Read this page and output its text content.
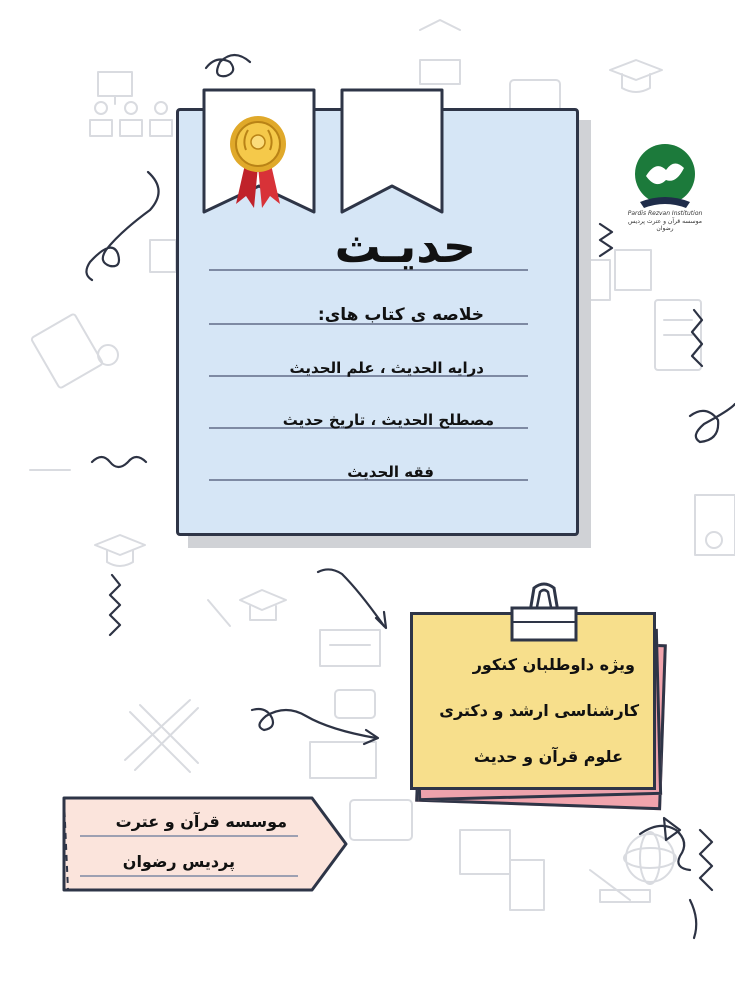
حدیـث
خلاصه ی کتاب های:
درایه الحدیث ، علم الحدیث
مصطلح الحدیث ، تاریخ حدیث
فقه الحدیث
Pardis Rezvan Institution
موسسه قرآن و عترت پردیس رضوان
ویژه داوطلبان کنکور
کارشناسی ارشد و دکتری
علوم قرآن و حدیث
موسسه قرآن و عترت
پردیس رضوان
